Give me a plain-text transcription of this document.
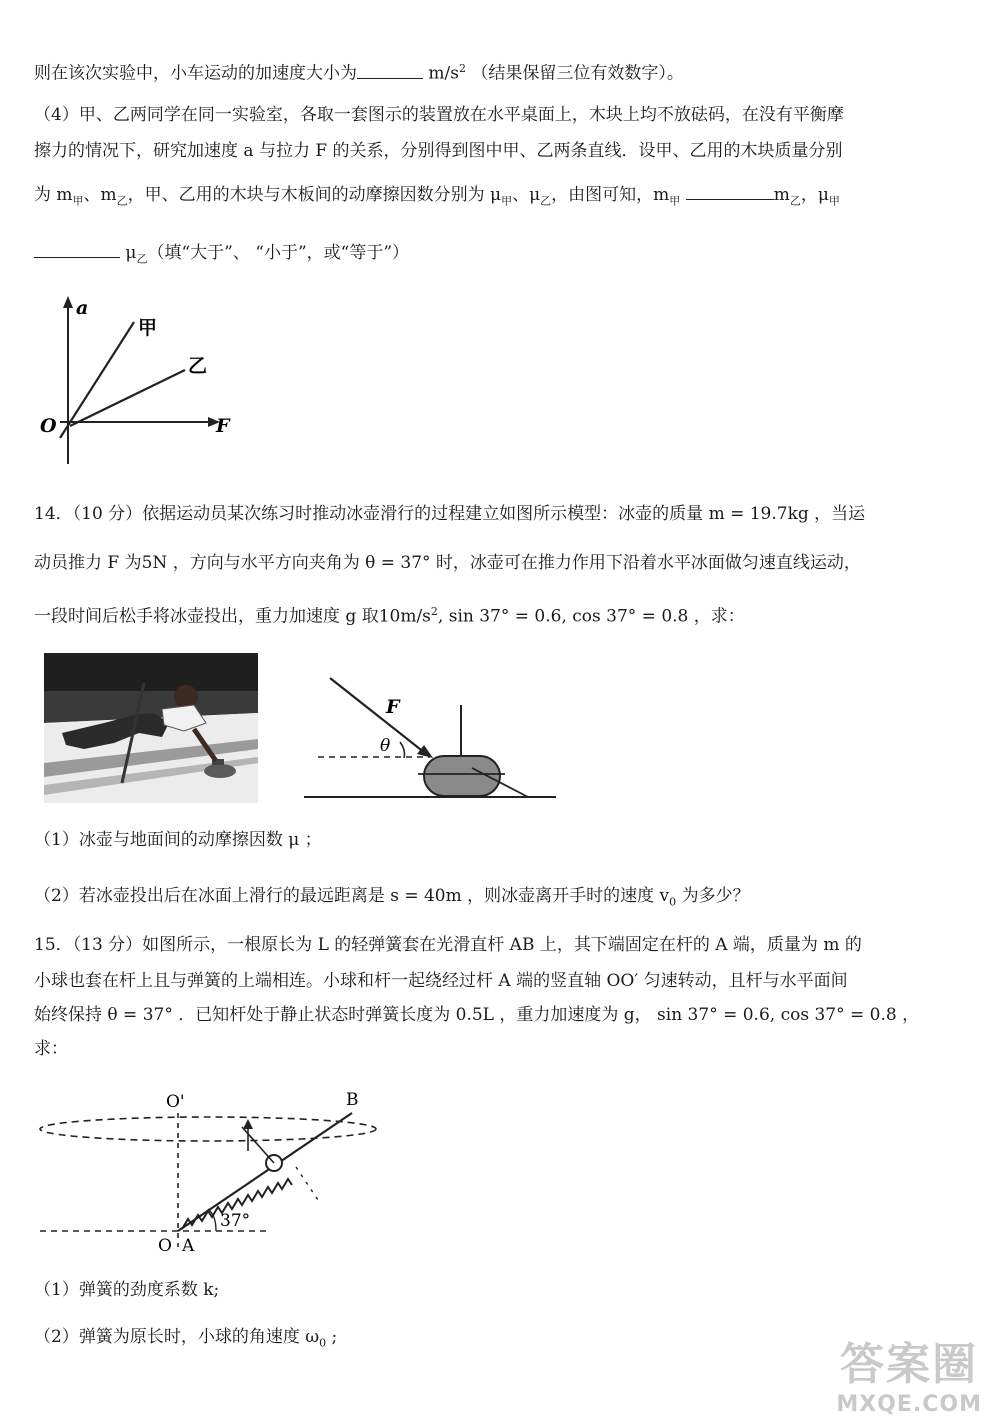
则在该次实验中，小车运动的加速度大小为	$m/s^2$ （结果保留三位有效数字）。
（4）甲、乙两同学在同一实验室，各取一套图示的装置放在水平桌面上，木块上均不放砝码，在没有平衡摩
擦力的情况下，研究加速度 a 与拉力 F 的关系，分别得到图中甲、乙两条直线．设甲、乙用的木块质量分别
为 $m_甲$、$m_乙$，甲、乙用的木块与木板间的动摩擦因数分别为 $\mu_甲$、$\mu_乙$，由图可知，$m_甲$	$m_乙$，$\mu_甲$
$\mu_乙$（填“大于”、 “小于”，或“等于”）
a
F
O
甲
乙
14．（10 分）依据运动员某次练习时推动冰壶滑行的过程建立如图所示模型：冰壶的质量 m = 19.7kg ，当运
动员推力 F 为5N ，方向与水平方向夹角为 θ = 37° 时，冰壶可在推力作用下沿着水平冰面做匀速直线运动，
一段时间后松手将冰壶投出，重力加速度 g 取$10m/s^2$, sin 37° = 0.6, cos 37° = 0.8 ，求：
F
θ
（1）冰壶与地面间的动摩擦因数 μ ；
（2）若冰壶投出后在冰面上滑行的最远距离是 s = 40m ，则冰壶离开手时的速度 $v_0$ 为多少？
15．（13 分）如图所示，一根原长为 L 的轻弹簧套在光滑直杆 AB 上，其下端固定在杆的 A 端，质量为 m 的
小球也套在杆上且与弹簧的上端相连。小球和杆一起绕经过杆 A 端的竖直轴 OO′ 匀速转动，且杆与水平面间
始终保持 θ = 37° ．已知杆处于静止状态时弹簧长度为 0.5L ，重力加速度为 g， sin 37° = 0.6, cos 37° = 0.8 ，
求：
O'	B
37°
O A
（1）弹簧的劲度系数 k;
（2）弹簧为原长时，小球的角速度 $\omega_0$ ;
答案圈
MXQE.COM
